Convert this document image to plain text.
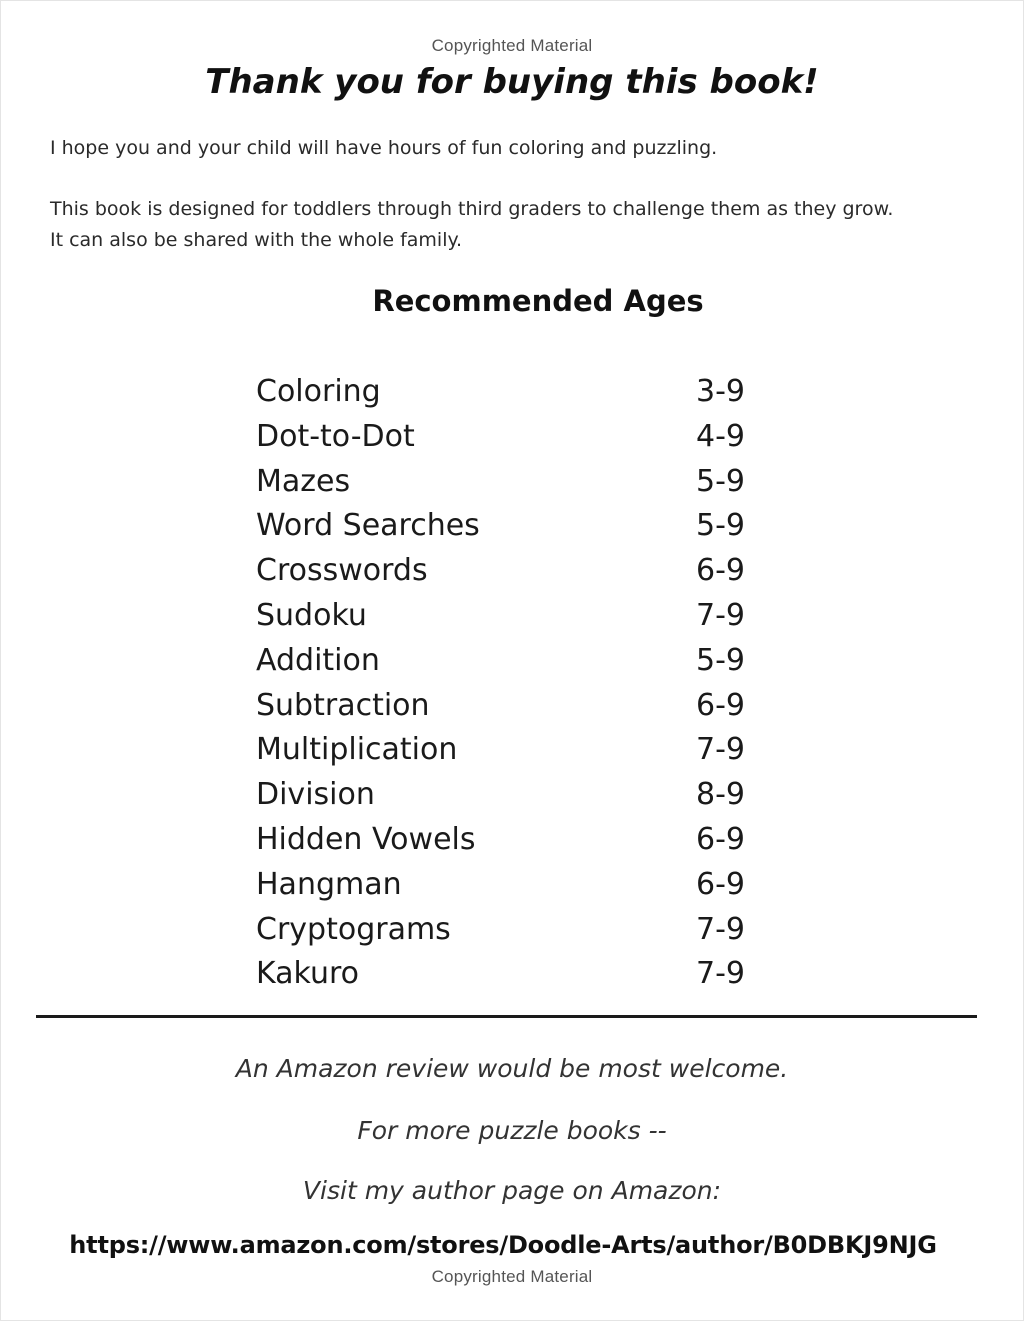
Copyrighted Material
Thank you for buying this book!
I hope you and your child will have hours of fun coloring and puzzling.
This book is designed for toddlers through third graders to challenge them as they grow.
It can also be shared with the whole family.
Recommended Ages
Coloring	3-9
Dot-to-Dot	4-9
Mazes	5-9
Word Searches	5-9
Crosswords	6-9
Sudoku	7-9
Addition	5-9
Subtraction	6-9
Multiplication	7-9
Division	8-9
Hidden Vowels	6-9
Hangman	6-9
Cryptograms	7-9
Kakuro	7-9
An Amazon review would be most welcome.
For more puzzle books --
Visit my author page on Amazon:
https://www.amazon.com/stores/Doodle-Arts/author/B0DBKJ9NJG
Copyrighted Material
